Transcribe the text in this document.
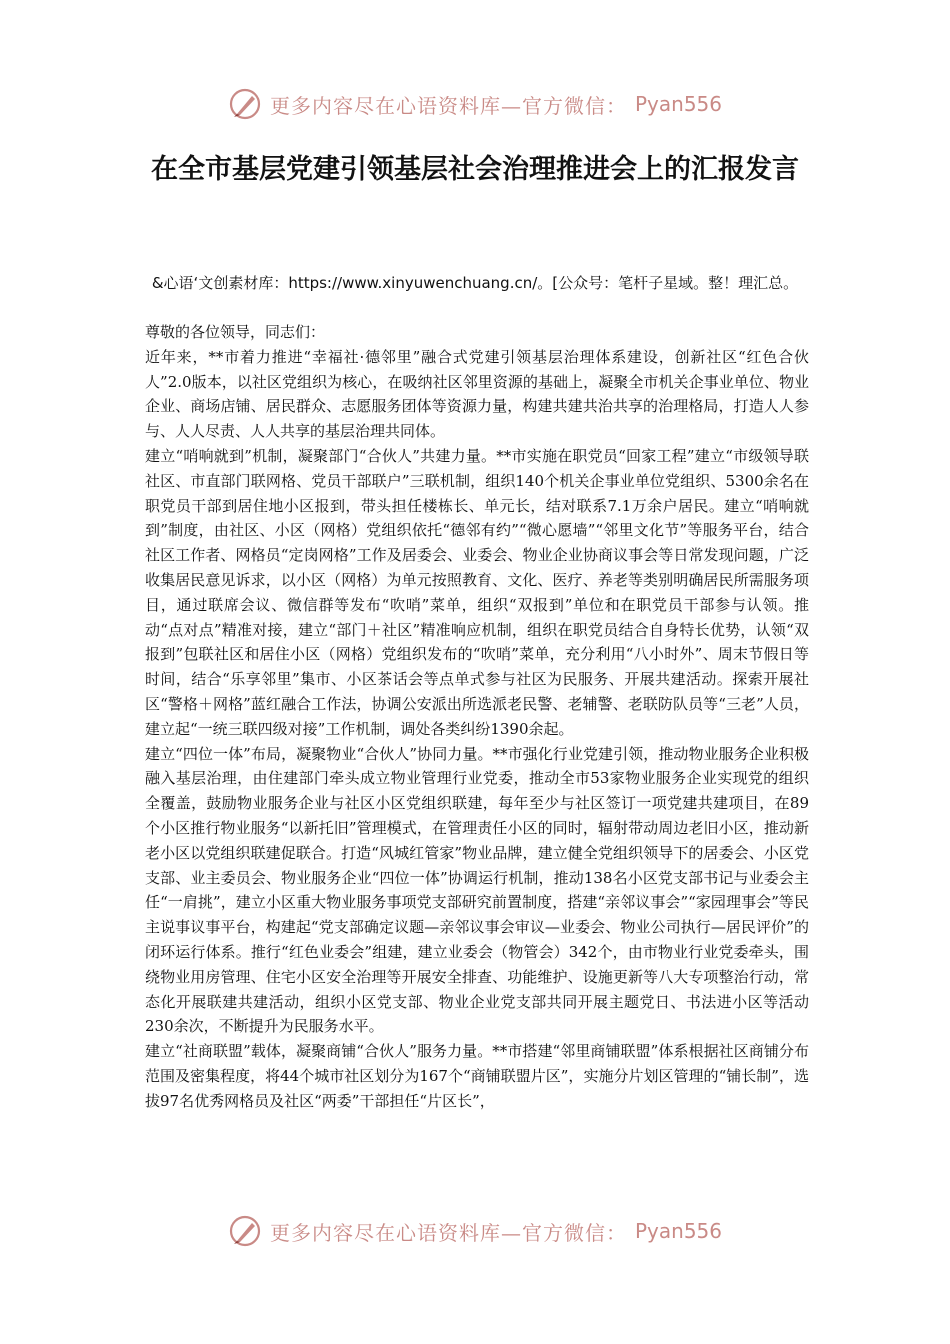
更多内容尽在心语资料库—官方微信： Pyan556
在全市基层党建引领基层社会治理推进会上的汇报发言
&心语‘文创素材库：https://www.xinyuwenchuang.cn/。[公众号：笔杆子星域。整！理汇总。

尊敬的各位领导，同志们：

近年来，**市着力推进“幸福社·德邻里”融合式党建引领基层治理体系建设，创新社区“红色合伙人”2.0版本，以社区党组织为核心，在吸纳社区邻里资源的基础上，凝聚全市机关企事业单位、物业企业、商场店铺、居民群众、志愿服务团体等资源力量，构建共建共治共享的治理格局，打造人人参与、人人尽责、人人共享的基层治理共同体。

建立“哨响就到”机制，凝聚部门“合伙人”共建力量。**市实施在职党员“回家工程”建立“市级领导联社区、市直部门联网格、党员干部联户”三联机制，组织140个机关企事业单位党组织、5300余名在职党员干部到居住地小区报到，带头担任楼栋长、单元长，结对联系7.1万余户居民。建立“哨响就到”制度，由社区、小区（网格）党组织依托“德邻有约”“微心愿墙”“邻里文化节”等服务平台，结合社区工作者、网格员“定岗网格”工作及居委会、业委会、物业企业协商议事会等日常发现问题，广泛收集居民意见诉求，以小区（网格）为单元按照教育、文化、医疗、养老等类别明确居民所需服务项目，通过联席会议、微信群等发布“吹哨”菜单，组织“双报到”单位和在职党员干部参与认领。推动“点对点”精准对接，建立“部门＋社区”精准响应机制，组织在职党员结合自身特长优势，认领“双报到”包联社区和居住小区（网格）党组织发布的“吹哨”菜单，充分利用“八小时外”、周末节假日等时间，结合“乐享邻里”集市、小区茶话会等点单式参与社区为民服务、开展共建活动。探索开展社区“警格＋网格”蓝红融合工作法，协调公安派出所选派老民警、老辅警、老联防队员等“三老”人员，建立起“一统三联四级对接”工作机制，调处各类纠纷1390余起。

建立“四位一体”布局，凝聚物业“合伙人”协同力量。**市强化行业党建引领，推动物业服务企业积极融入基层治理，由住建部门牵头成立物业管理行业党委，推动全市53家物业服务企业实现党的组织全覆盖，鼓励物业服务企业与社区小区党组织联建，每年至少与社区签订一项党建共建项目，在89个小区推行物业服务“以新托旧”管理模式，在管理责任小区的同时，辐射带动周边老旧小区，推动新老小区以党组织联建促联合。打造“风城红管家”物业品牌，建立健全党组织领导下的居委会、小区党支部、业主委员会、物业服务企业“四位一体”协调运行机制，推动138名小区党支部书记与业委会主任“一肩挑”，建立小区重大物业服务事项党支部研究前置制度，搭建“亲邻议事会”“家园理事会”等民主说事议事平台，构建起“党支部确定议题—亲邻议事会审议—业委会、物业公司执行—居民评价”的闭环运行体系。推行“红色业委会”组建，建立业委会（物管会）342个，由市物业行业党委牵头，围绕物业用房管理、住宅小区安全治理等开展安全排查、功能维护、设施更新等八大专项整治行动，常态化开展联建共建活动，组织小区党支部、物业企业党支部共同开展主题党日、书法进小区等活动230余次，不断提升为民服务水平。

建立“社商联盟”载体，凝聚商铺“合伙人”服务力量。**市搭建“邻里商铺联盟”体系根据社区商铺分布范围及密集程度，将44个城市社区划分为167个“商铺联盟片区”，实施分片划区管理的“铺长制”，选拔97名优秀网格员及社区“两委”干部担任“片区长”，

更多内容尽在心语资料库—官方微信： Pyan556
